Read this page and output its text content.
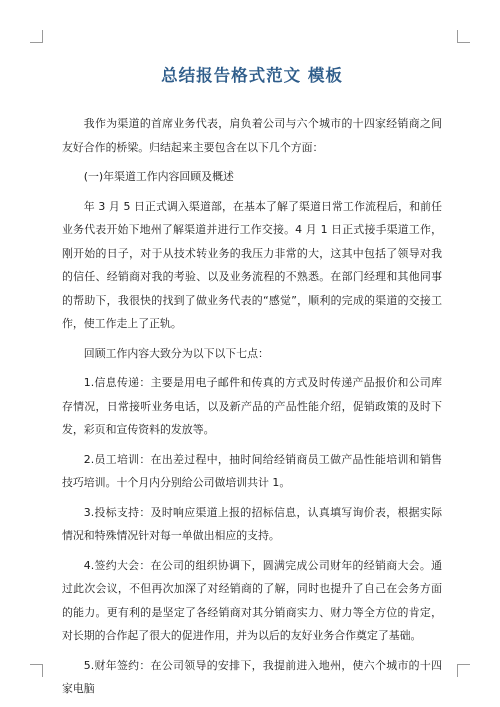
总结报告格式范文 模板

我作为渠道的首席业务代表，肩负着公司与六个城市的十四家经销商之间友好合作的桥梁。归结起来主要包含在以下几个方面：

(一)年渠道工作内容回顾及概述

年 3 月 5 日正式调入渠道部，在基本了解了渠道日常工作流程后，和前任业务代表开始下地州了解渠道并进行工作交接。4 月 1 日正式接手渠道工作，刚开始的日子，对于从技术转业务的我压力非常的大，这其中包括了领导对我的信任、经销商对我的考验、以及业务流程的不熟悉。在部门经理和其他同事的帮助下，我很快的找到了做业务代表的“感觉”，顺利的完成的渠道的交接工作，使工作走上了正轨。

回顾工作内容大致分为以下以下七点：

1.信息传递：主要是用电子邮件和传真的方式及时传递产品报价和公司库存情况，日常接听业务电话，以及新产品的产品性能介绍，促销政策的及时下发，彩页和宣传资料的发放等。

2.员工培训：在出差过程中，抽时间给经销商员工做产品性能培训和销售技巧培训。十个月内分别给公司做培训共计 1。

3.投标支持：及时响应渠道上报的招标信息，认真填写询价表，根据实际情况和特殊情况针对每一单做出相应的支持。

4.签约大会：在公司的组织协调下，圆满完成公司财年的经销商大会。通过此次会议，不但再次加深了对经销商的了解，同时也提升了自己在会务方面的能力。更有利的是坚定了各经销商对其分销商实力、财力等全方位的肯定，对长期的合作起了很大的促进作用，并为以后的友好业务合作奠定了基础。

5.财年签约：在公司领导的安排下，我提前进入地州，使六个城市的十四家电脑
